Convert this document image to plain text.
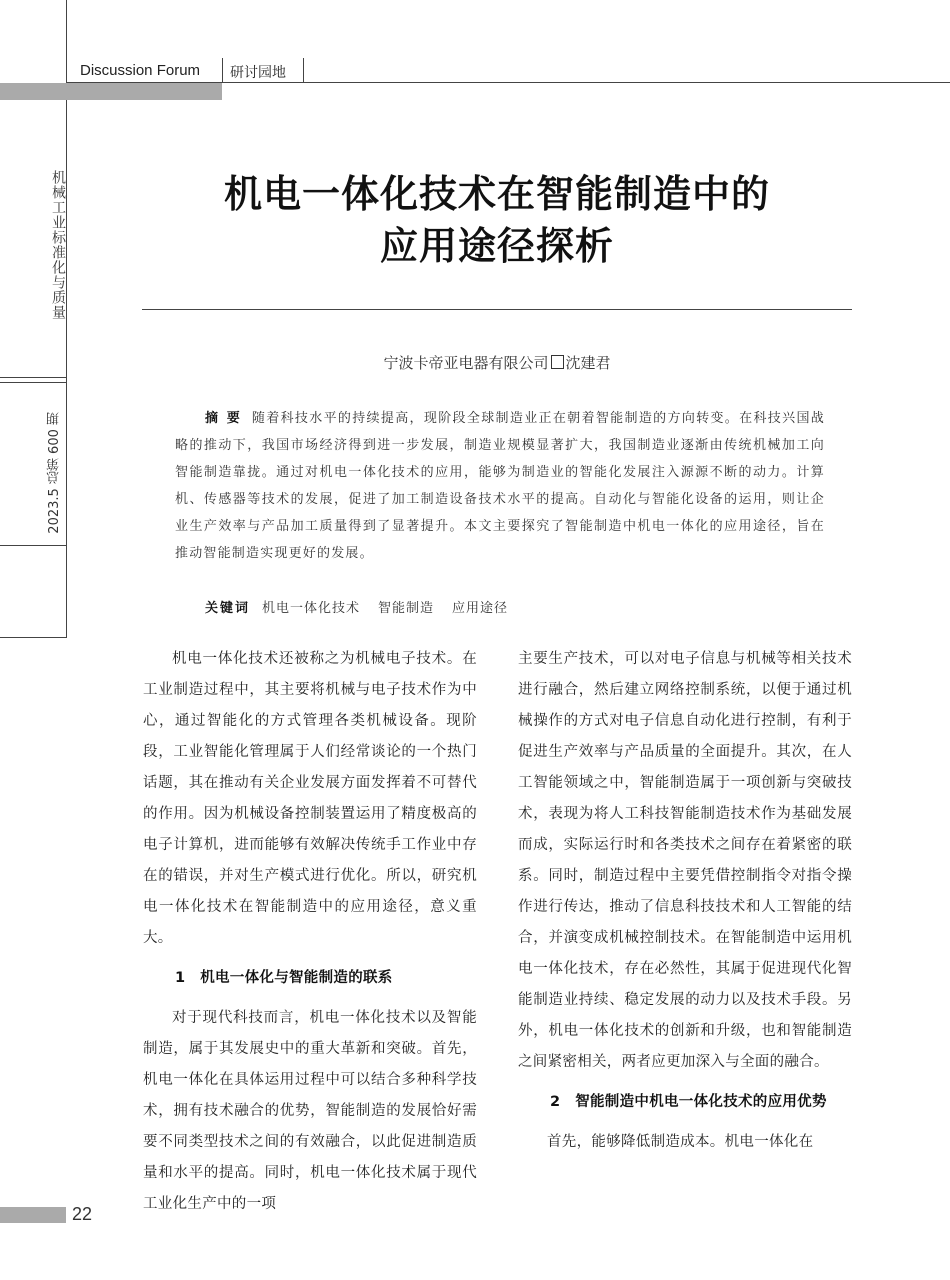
Discussion Forum 研讨园地
机械工业标准化与质量
2023.5 总第 600 期
机电一体化技术在智能制造中的
应用途径探析
宁波卡帝亚电器有限公司 沈建君
摘 要 随着科技水平的持续提高，现阶段全球制造业正在朝着智能制造的方向转变。在科技兴国战略的推动下，我国市场经济得到进一步发展，制造业规模显著扩大，我国制造业逐渐由传统机械加工向智能制造靠拢。通过对机电一体化技术的应用，能够为制造业的智能化发展注入源源不断的动力。计算机、传感器等技术的发展，促进了加工制造设备技术水平的提高。自动化与智能化设备的运用，则让企业生产效率与产品加工质量得到了显著提升。本文主要探究了智能制造中机电一体化的应用途径，旨在推动智能制造实现更好的发展。
关键词 机电一体化技术 智能制造 应用途径

机电一体化技术还被称之为机械电子技术。在工业制造过程中，其主要将机械与电子技术作为中心，通过智能化的方式管理各类机械设备。现阶段，工业智能化管理属于人们经常谈论的一个热门话题，其在推动有关企业发展方面发挥着不可替代的作用。因为机械设备控制装置运用了精度极高的电子计算机，进而能够有效解决传统手工作业中存在的错误，并对生产模式进行优化。所以，研究机电一体化技术在智能制造中的应用途径，意义重大。

1　机电一体化与智能制造的联系

对于现代科技而言，机电一体化技术以及智能制造，属于其发展史中的重大革新和突破。首先，机电一体化在具体运用过程中可以结合多种科学技术，拥有技术融合的优势，智能制造的发展恰好需要不同类型技术之间的有效融合，以此促进制造质量和水平的提高。同时，机电一体化技术属于现代工业化生产中的一项

主要生产技术，可以对电子信息与机械等相关技术进行融合，然后建立网络控制系统，以便于通过机械操作的方式对电子信息自动化进行控制，有利于促进生产效率与产品质量的全面提升。其次，在人工智能领域之中，智能制造属于一项创新与突破技术，表现为将人工科技智能制造技术作为基础发展而成，实际运行时和各类技术之间存在着紧密的联系。同时，制造过程中主要凭借控制指令对指令操作进行传达，推动了信息科技技术和人工智能的结合，并演变成机械控制技术。在智能制造中运用机电一体化技术，存在必然性，其属于促进现代化智能制造业持续、稳定发展的动力以及技术手段。另外，机电一体化技术的创新和升级，也和智能制造之间紧密相关，两者应更加深入与全面的融合。

2　智能制造中机电一体化技术的应用优势

首先，能够降低制造成本。机电一体化在

22
